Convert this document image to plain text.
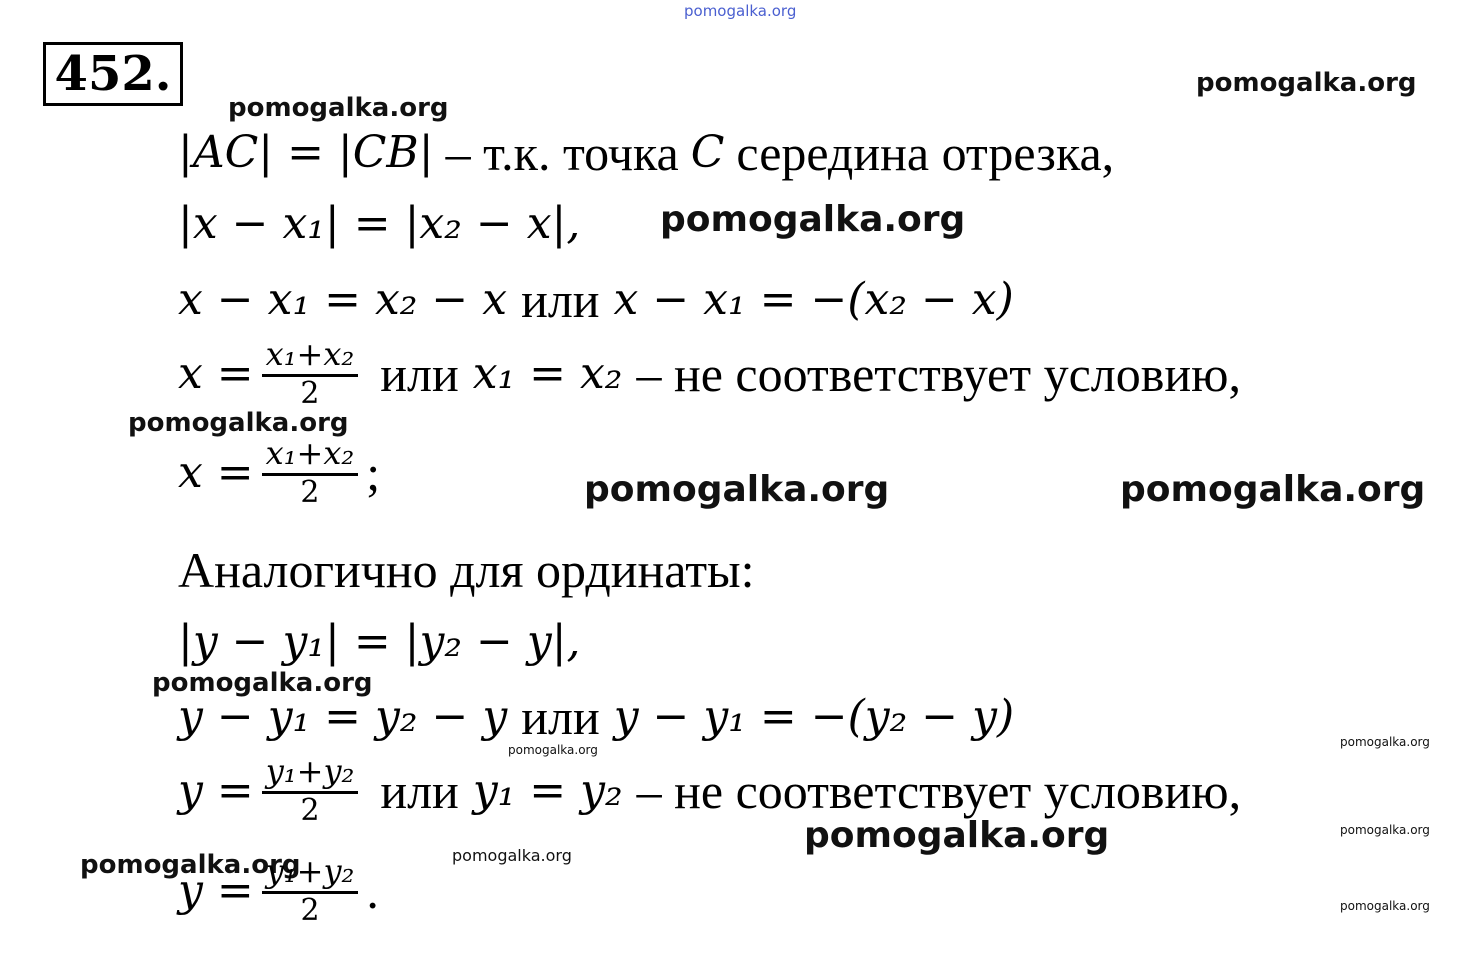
pomogalka.org
pomogalka.org
pomogalka.org
452.
|AC| = |CB| – т.к. точка C середина отрезка,
|x − x₁| = |x₂ − x|, pomogalka.org
x − x₁ = x₂ − x или x − x₁ = −(x₂ − x)
$x = \frac{\text{x₁+x₂}}{2}$ или x₁ = x₂ – не соответствует условию,
pomogalka.org
$x = \frac{\text{x₁+x₂}}{2}$ ;	pomogalka.org	pomogalka.org
Аналогично для ординаты:
|y − y₁| = |y₂ − y|,
pomogalka.org
y − y₁ = y₂ − y или y − y₁ = −(y₂ − y)
pomogalka.org
pomogalka.org
$y = \frac{\text{y₁+y₂}}{2}$ или y₁ = y₂ – не соответствует условию,
pomogalka.org
pomogalka.org
pomogalka.org	pomogalka.org
$y = \frac{\text{y₁+y₂}}{2}$ .	pomogalka.org
